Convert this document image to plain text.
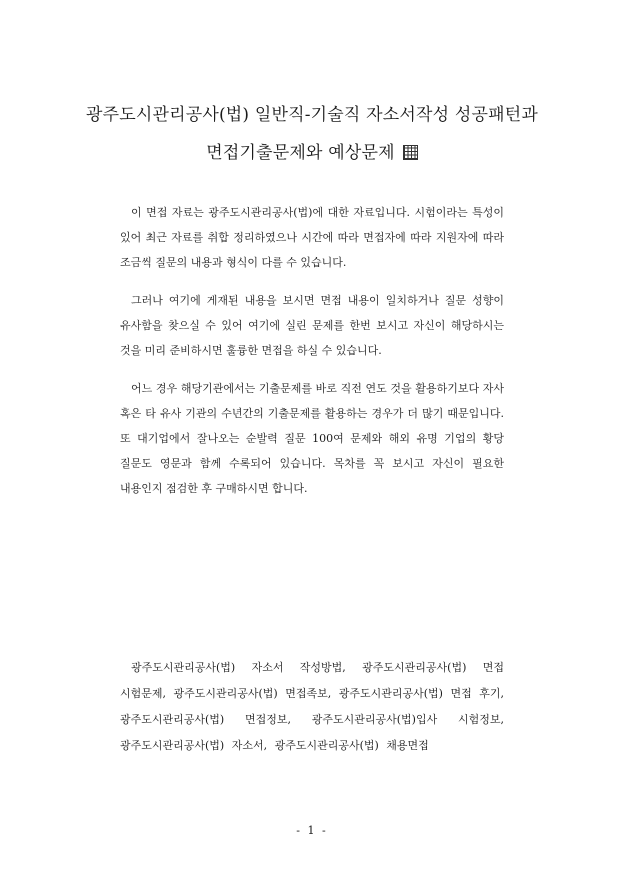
광주도시관리공사(법) 일반직-기술직 자소서작성 성공패턴과
면접기출문제와 예상문제

이 면접 자료는 광주도시관리공사(법)에 대한 자료입니다. 시험이라는 특성이 있어 최근 자료를 취합 정리하였으나 시간에 따라 면접자에 따라 지원자에 따라 조금씩 질문의 내용과 형식이 다를 수 있습니다.

그러나 여기에 게재된 내용을 보시면 면접 내용이 일치하거나 질문 성향이 유사함을 찾으실 수 있어 여기에 실린 문제를 한번 보시고 자신이 해당하시는 것을 미리 준비하시면 훌륭한 면접을 하실 수 있습니다.

어느 경우 해당기관에서는 기출문제를 바로 직전 연도 것을 활용하기보다 자사 혹은 타 유사 기관의 수년간의 기출문제를 활용하는 경우가 더 많기 때문입니다. 또 대기업에서 잘나오는 순발력 질문 100여 문제와 해외 유명 기업의 황당 질문도 영문과 함께 수록되어 있습니다. 목차를 꼭 보시고 자신이 필요한 내용인지 점검한 후 구매하시면 합니다.

광주도시관리공사(법) 자소서 작성방법, 광주도시관리공사(법) 면접 시험문제, 광주도시관리공사(법) 면접족보, 광주도시관리공사(법) 면접 후기, 광주도시관리공사(법) 면접정보, 광주도시관리공사(법)입사 시험정보, 광주도시관리공사(법) 자소서, 광주도시관리공사(법) 채용면접

- 1 -
